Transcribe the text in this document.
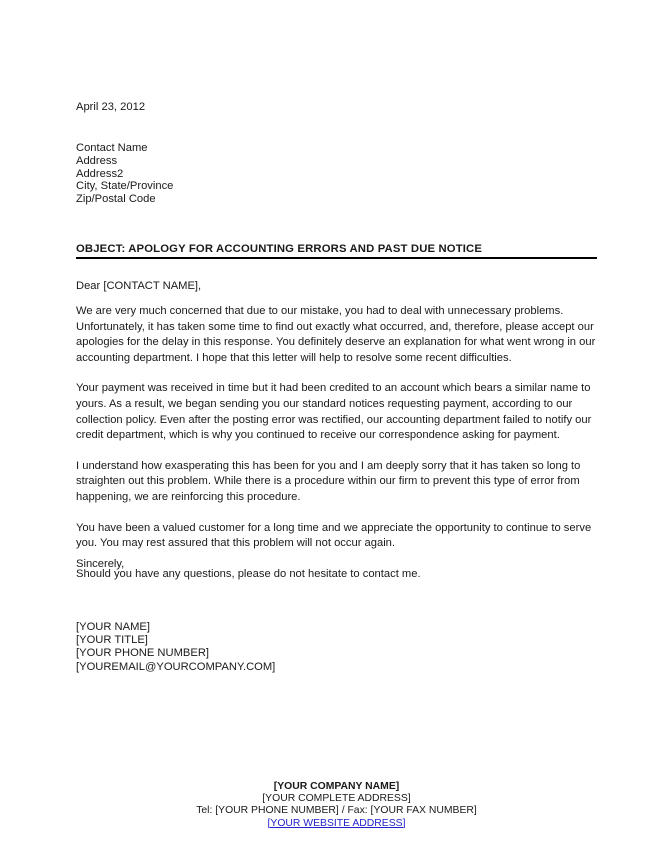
April 23, 2012
Contact Name
Address
Address2
City, State/Province
Zip/Postal Code
OBJECT: APOLOGY FOR ACCOUNTING ERRORS AND PAST DUE NOTICE
Dear [CONTACT NAME],

We are very much concerned that due to our mistake, you had to deal with unnecessary problems. Unfortunately, it has taken some time to find out exactly what occurred, and, therefore, please accept our apologies for the delay in this response. You definitely deserve an explanation for what went wrong in our accounting department. I hope that this letter will help to resolve some recent difficulties.

Your payment was received in time but it had been credited to an account which bears a similar name to yours. As a result, we began sending you our standard notices requesting payment, according to our collection policy. Even after the posting error was rectified, our accounting department failed to notify our credit department, which is why you continued to receive our correspondence asking for payment.

I understand how exasperating this has been for you and I am deeply sorry that it has taken so long to straighten out this problem. While there is a procedure within our firm to prevent this type of error from happening, we are reinforcing this procedure.

You have been a valued customer for a long time and we appreciate the opportunity to continue to serve you. You may rest assured that this problem will not occur again.

Should you have any questions, please do not hesitate to contact me.

Sincerely,
[YOUR NAME]
[YOUR TITLE]
[YOUR PHONE NUMBER]
[YOUREMAIL@YOURCOMPANY.COM]
[YOUR COMPANY NAME]
[YOUR COMPLETE ADDRESS]
Tel: [YOUR PHONE NUMBER] / Fax: [YOUR FAX NUMBER]
[YOUR WEBSITE ADDRESS]
